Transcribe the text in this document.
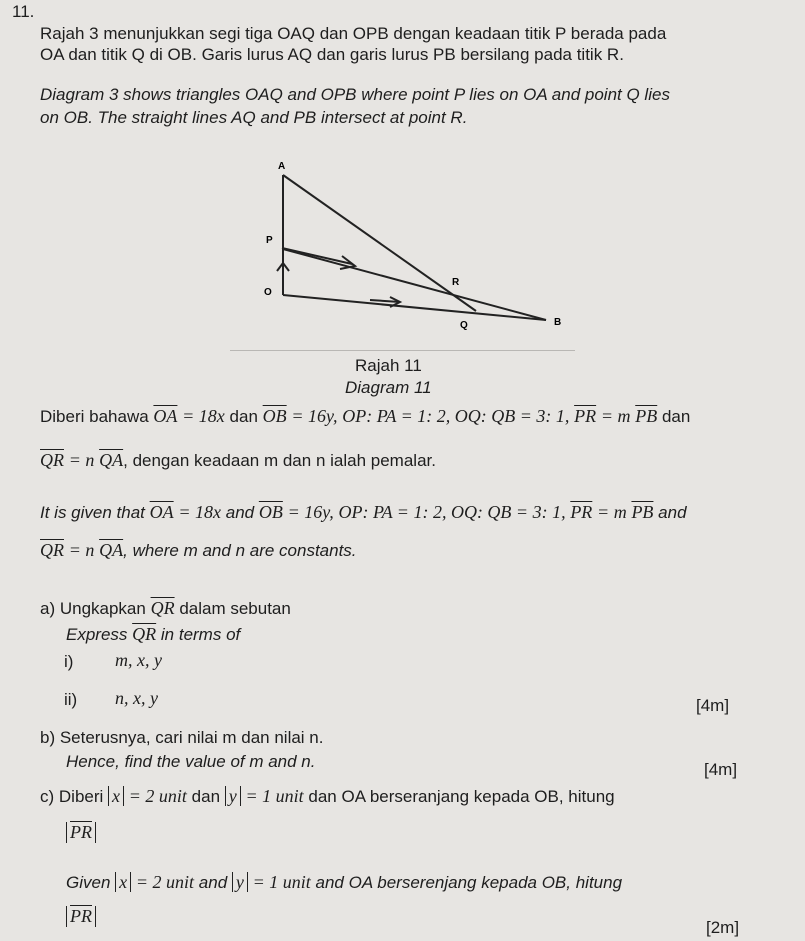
11.
Rajah 3 menunjukkan segi tiga OAQ dan OPB dengan keadaan titik P berada pada
OA dan titik Q di OB. Garis lurus AQ dan garis lurus PB bersilang pada titik R.
Diagram 3 shows triangles OAQ and OPB where point P lies on OA and point Q lies
on OB. The straight lines AQ and PB intersect at point R.
A
P
O
R
Q	B
Rajah 11
Diagram 11
Diberi bahawa $\overline{OA} = 18x$ dan $\overline{OB} = 16y$, OP: PA = 1: 2, OQ: QB = 3: 1, $\overline{PR} = m$ $\overline{PB}$ dan
$\overline{QR} = n$ $\overline{QA}$, dengan keadaan m dan n ialah pemalar.
It is given that $\overline{OA} = 18x$ and $\overline{OB} = 16y$, OP: PA = 1: 2, OQ: QB = 3: 1, $\overline{PR} = m$ $\overline{PB}$ and
$\overline{QR} = n$ $\overline{QA}$, where m and n are constants.
a) Ungkapkan $\overline{QR}$ dalam sebutan
Express $\overline{QR}$ in terms of
i) m, x, y
ii) n, x, y	[4m]
b) Seterusnya, cari nilai m dan nilai n.
Hence, find the value of m and n.	[4m]
c) Diberi x = 2 unit dan y = 1 unit dan OA berseranjang kepada OB, hitung
$\overline{PR}$
Given x = 2 unit and y = 1 unit and OA berserenjang kepada OB, hitung
$\overline{PR}$
[2m]
